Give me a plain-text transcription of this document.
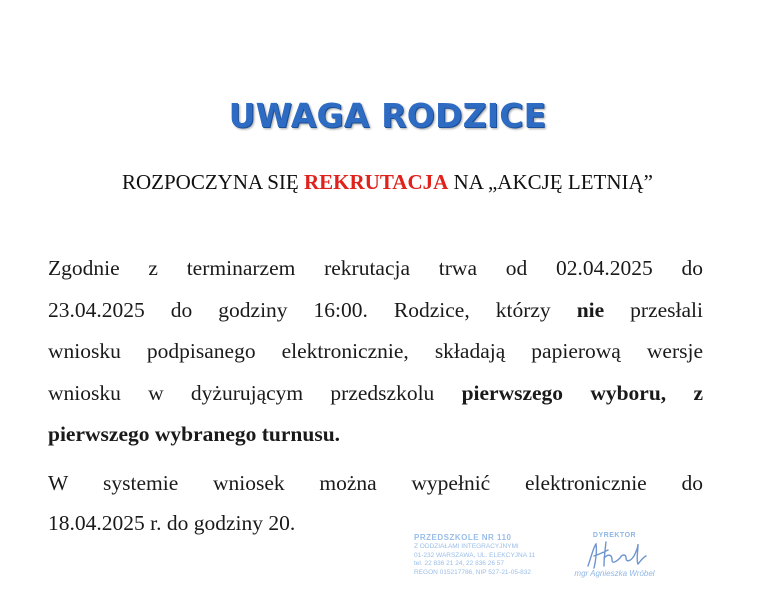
UWAGA RODZICE
ROZPOCZYNA SIĘ REKRUTACJA NA „AKCJĘ LETNIĄ”
Zgodnie z terminarzem rekrutacja trwa od 02.04.2025 do
23.04.2025 do godziny 16:00. Rodzice, którzy nie przesłali
wniosku podpisanego elektronicznie, składają papierową wersje
wniosku w dyżurującym przedszkolu pierwszego wyboru, z
pierwszego wybranego turnusu.
W systemie wniosek można wypełnić elektronicznie do
18.04.2025 r. do godziny 20.
PRZEDSZKOLE NR 110
Z ODDZIAŁAMI INTEGRACYJNYMI
01-232 WARSZAWA, UL. ELEKCYJNA 11
tel. 22 836 21 24, 22 836 26 57
REGON 015217786, NIP 527-21-05-832
DYREKTOR
mgr Agnieszka Wróbel
